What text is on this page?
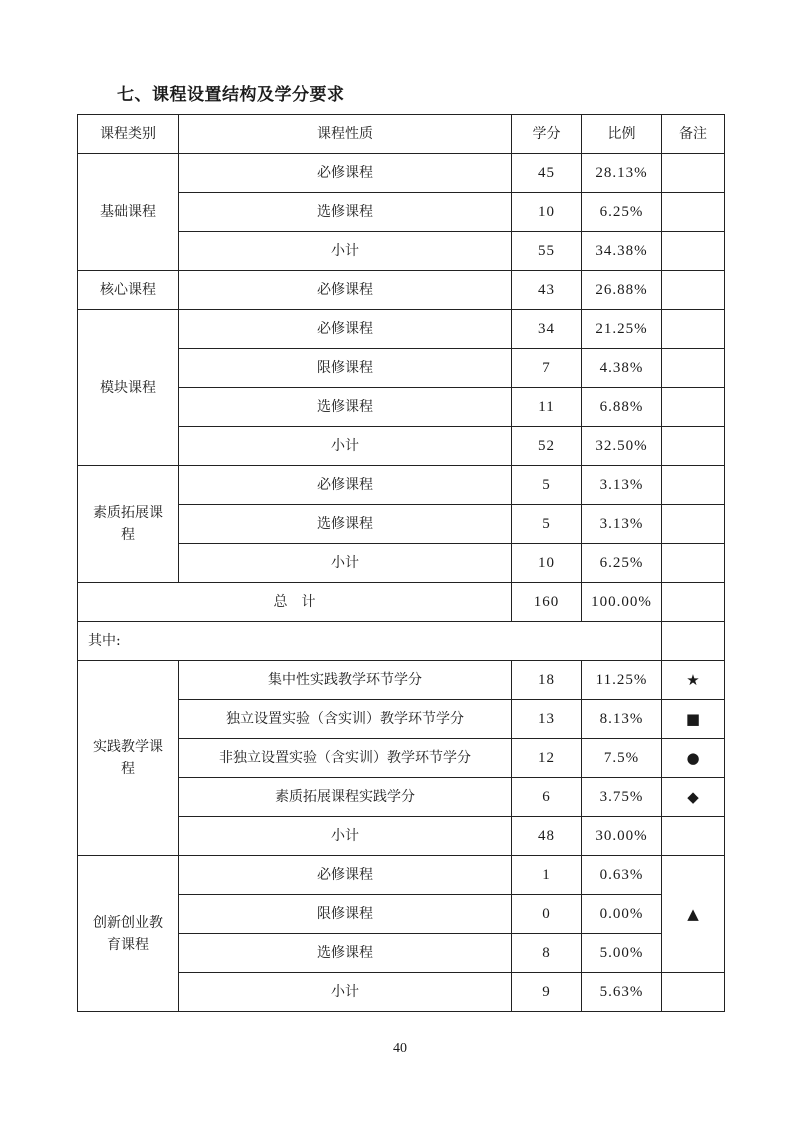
七、课程设置结构及学分要求
课程类别	课程性质	学分	比例	备注
基础课程	必修课程	45	28.13%	
	选修课程	10	6.25%	
	小计	55	34.38%	
核心课程	必修课程	43	26.88%	
模块课程	必修课程	34	21.25%	
	限修课程	7	4.38%	
	选修课程	11	6.88%	
	小计	52	32.50%	
素质拓展课程	必修课程	5	3.13%	
	选修课程	5	3.13%	
	小计	10	6.25%	
总　计		160	100.00%	
其中:				
实践教学课程	集中性实践教学环节学分	18	11.25%	★
	独立设置实验（含实训）教学环节学分	13	8.13%	■
	非独立设置实验（含实训）教学环节学分	12	7.5%	●
	素质拓展课程实践学分	6	3.75%	◆
	小计	48	30.00%	
创新创业教育课程	必修课程	1	0.63%	▲
	限修课程	0	0.00%	
	选修课程	8	5.00%	
	小计	9	5.63%	
40
